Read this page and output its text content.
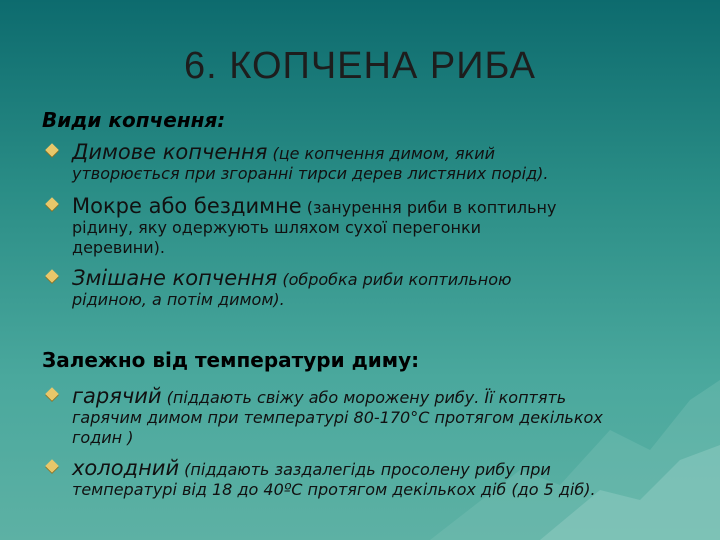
6. КОПЧЕНА РИБА
Види копчення:
Димове копчення (це копчення димом, який
утворюється при згоранні тирси дерев листяних порід).
Мокре або бездимне (занурення риби в коптильну
рідину, яку одержують шляхом сухої перегонки
деревини).
Змішане копчення (обробка риби коптильною
рідиною, а потім димом).
Залежно від температури диму:
гарячий (піддають свіжу або морожену рибу. Її коптять
гарячим димом при температурі 80-170°С протягом декількох
годин )
холодний (піддають заздалегідь просолену рибу при
температурі від 18 до 40ºС протягом декількох діб (до 5 діб).
